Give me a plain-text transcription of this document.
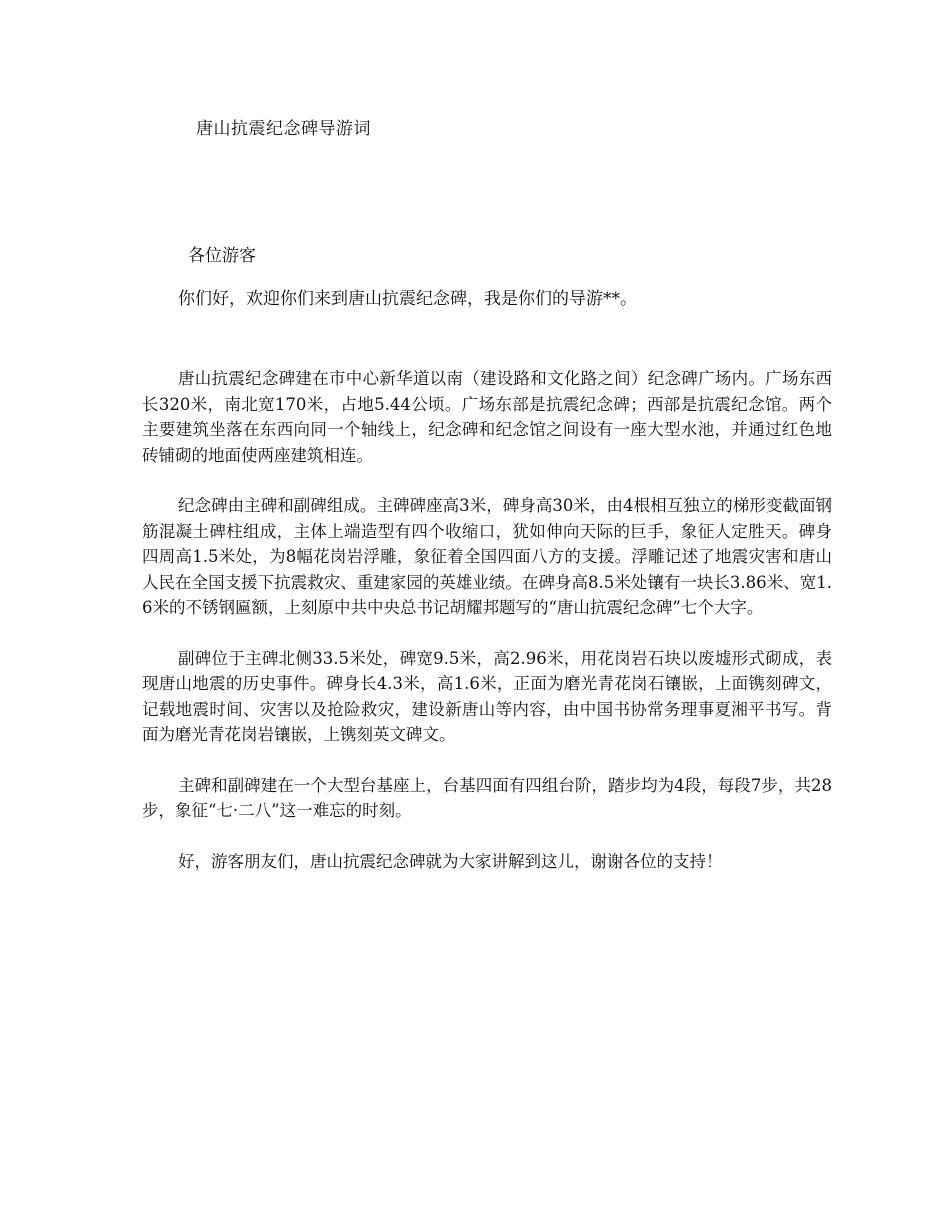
唐山抗震纪念碑导游词
各位游客
你们好，欢迎你们来到唐山抗震纪念碑，我是你们的导游**。

唐山抗震纪念碑建在市中心新华道以南（建设路和文化路之间）纪念碑广场内。广场东西长320米，南北宽170米，占地5.44公顷。广场东部是抗震纪念碑；西部是抗震纪念馆。两个主要建筑坐落在东西向同一个轴线上，纪念碑和纪念馆之间设有一座大型水池，并通过红色地砖铺砌的地面使两座建筑相连。

纪念碑由主碑和副碑组成。主碑碑座高3米，碑身高30米，由4根相互独立的梯形变截面钢筋混凝土碑柱组成，主体上端造型有四个收缩口，犹如伸向天际的巨手，象征人定胜天。碑身四周高1.5米处，为8幅花岗岩浮雕，象征着全国四面八方的支援。浮雕记述了地震灾害和唐山人民在全国支援下抗震救灾、重建家园的英雄业绩。在碑身高8.5米处镶有一块长3.86米、宽1.6米的不锈钢匾额，上刻原中共中央总书记胡耀邦题写的“唐山抗震纪念碑”七个大字。

副碑位于主碑北侧33.5米处，碑宽9.5米，高2.96米，用花岗岩石块以废墟形式砌成，表现唐山地震的历史事件。碑身长4.3米，高1.6米，正面为磨光青花岗石镶嵌，上面镌刻碑文，记载地震时间、灾害以及抢险救灾，建设新唐山等内容，由中国书协常务理事夏湘平书写。背面为磨光青花岗岩镶嵌，上镌刻英文碑文。

主碑和副碑建在一个大型台基座上，台基四面有四组台阶，踏步均为4段，每段7步，共28步，象征“七·二八”这一难忘的时刻。

好，游客朋友们，唐山抗震纪念碑就为大家讲解到这儿，谢谢各位的支持！
